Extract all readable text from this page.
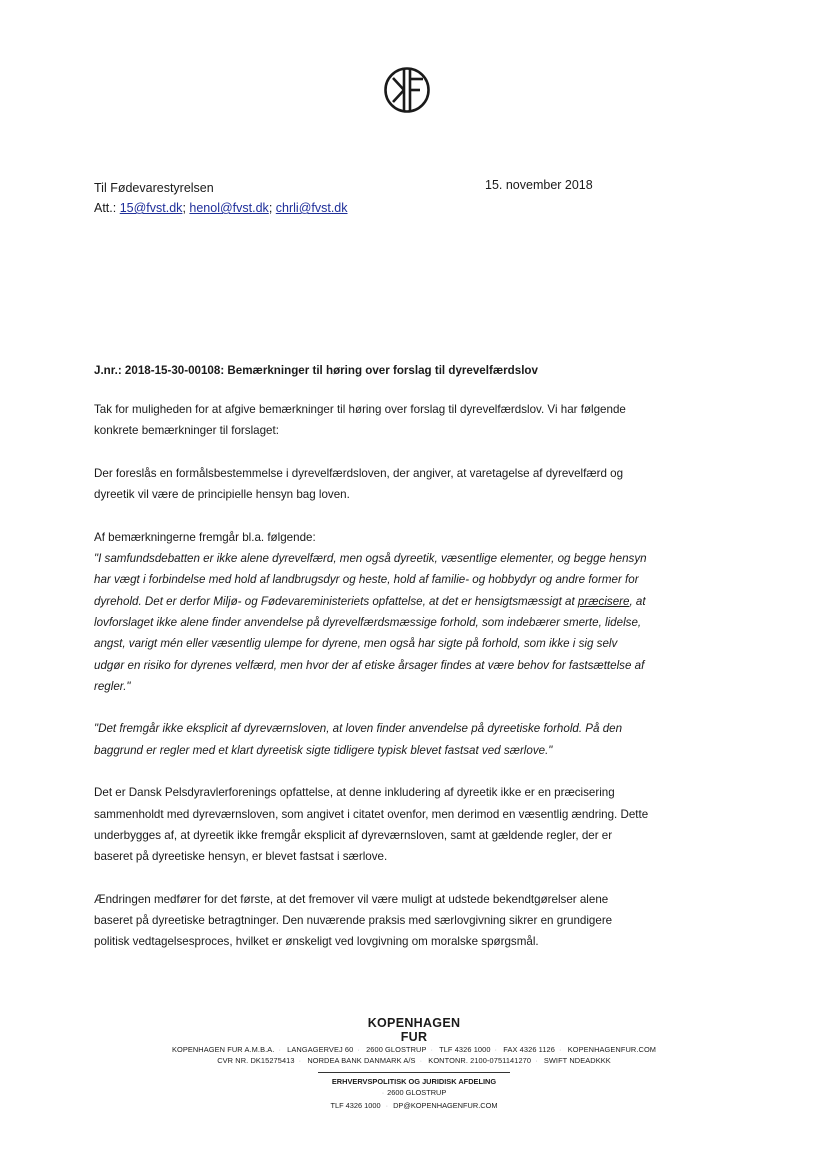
Til Fødevarestyrelsen
Att.: 15@fvst.dk; henol@fvst.dk; chrli@fvst.dk
15. november 2018
J.nr.: 2018-15-30-00108: Bemærkninger til høring over forslag til dyrevelfærdslov

Tak for muligheden for at afgive bemærkninger til høring over forslag til dyrevelfærdslov. Vi har følgende konkrete bemærkninger til forslaget:

Der foreslås en formålsbestemmelse i dyrevelfærdsloven, der angiver, at varetagelse af dyrevelfærd og dyreetik vil være de principielle hensyn bag loven.

Af bemærkningerne fremgår bl.a. følgende:

"I samfundsdebatten er ikke alene dyrevelfærd, men også dyreetik, væsentlige elementer, og begge hensyn har vægt i forbindelse med hold af landbrugsdyr og heste, hold af familie- og hobbydyr og andre former for dyrehold. Det er derfor Miljø- og Fødevareministeriets opfattelse, at det er hensigtsmæssigt at præcisere, at lovforslaget ikke alene finder anvendelse på dyrevelfærdsmæssige forhold, som indebærer smerte, lidelse, angst, varigt mén eller væsentlig ulempe for dyrene, men også har sigte på forhold, som ikke i sig selv udgør en risiko for dyrenes velfærd, men hvor der af etiske årsager findes at være behov for fastsættelse af regler."

"Det fremgår ikke eksplicit af dyreværnsloven, at loven finder anvendelse på dyreetiske forhold. På den baggrund er regler med et klart dyreetisk sigte tidligere typisk blevet fastsat ved særlove."

Det er Dansk Pelsdyravlerforenings opfattelse, at denne inkludering af dyreetik ikke er en præcisering sammenholdt med dyreværnsloven, som angivet i citatet ovenfor, men derimod en væsentlig ændring. Dette underbygges af, at dyreetik ikke fremgår eksplicit af dyreværnsloven, samt at gældende regler, der er baseret på dyreetiske hensyn, er blevet fastsat i særlove.

Ændringen medfører for det første, at det fremover vil være muligt at udstede bekendtgørelser alene baseret på dyreetiske betragtninger. Den nuværende praksis med særlovgivning sikrer en grundigere politisk vedtagelsesproces, hvilket er ønskeligt ved lovgivning om moralske spørgsmål.

KOPENHAGEN
FUR
KOPENHAGEN FUR A.M.B.A. · LANGAGERVEJ 60 · 2600 GLOSTRUP · TLF 4326 1000 · FAX 4326 1126 · KOPENHAGENFUR.COM
CVR NR. DK15275413 · NORDEA BANK DANMARK A/S · KONTONR. 2100-0751141270 · SWIFT NDEADKKK
ERHVERVSPOLITISK OG JURIDISK AFDELING
· 2600 GLOSTRUP
TLF 4326 1000 · DP@KOPENHAGENFUR.COM
